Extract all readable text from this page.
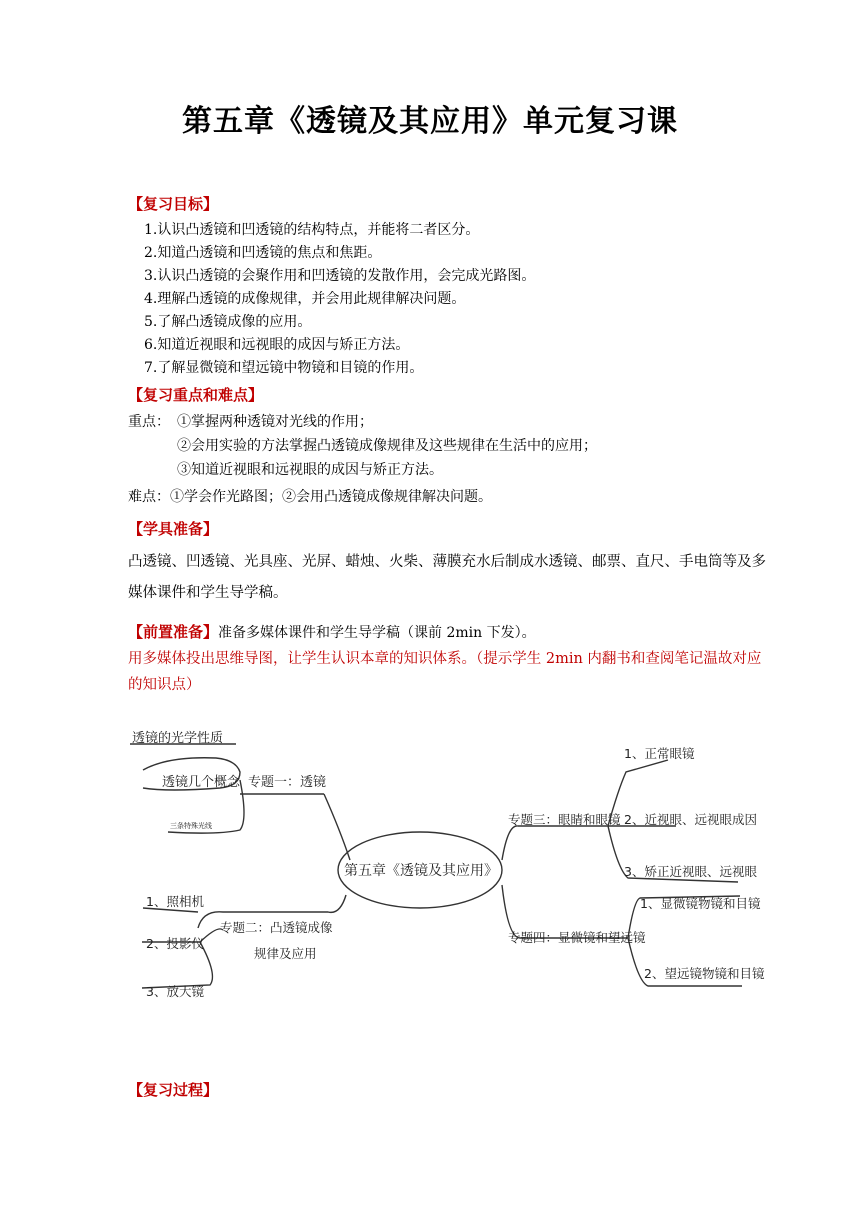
第五章《透镜及其应用》单元复习课
【复习目标】
1.认识凸透镜和凹透镜的结构特点，并能将二者区分。
2.知道凸透镜和凹透镜的焦点和焦距。
3.认识凸透镜的会聚作用和凹透镜的发散作用，会完成光路图。
4.理解凸透镜的成像规律，并会用此规律解决问题。
5.了解凸透镜成像的应用。
6.知道近视眼和远视眼的成因与矫正方法。
7.了解显微镜和望远镜中物镜和目镜的作用。
【复习重点和难点】
重点： ①掌握两种透镜对光线的作用；
②会用实验的方法掌握凸透镜成像规律及这些规律在生活中的应用；
③知道近视眼和远视眼的成因与矫正方法。
难点：①学会作光路图；②会用凸透镜成像规律解决问题。
【学具准备】
凸透镜、凹透镜、光具座、光屏、蜡烛、火柴、薄膜充水后制成水透镜、邮票、直尺、手电筒等及多媒体课件和学生导学稿。
【前置准备】准备多媒体课件和学生导学稿（课前 2min 下发）。
用多媒体投出思维导图，让学生认识本章的知识体系。（提示学生 2min 内翻书和查阅笔记温故对应的知识点）
透镜的光学性质
透镜几个概念
三条特殊光线
专题一：透镜
第五章《透镜及其应用》
专题二：凸透镜成像
规律及应用
1、照相机
2、投影仪
3、放大镜
专题三：眼睛和眼镜
1、正常眼镜
2、近视眼、远视眼成因
3、矫正近视眼、远视眼
专题四：显微镜和望远镜
1、显微镜物镜和目镜
2、望远镜物镜和目镜
【复习过程】
